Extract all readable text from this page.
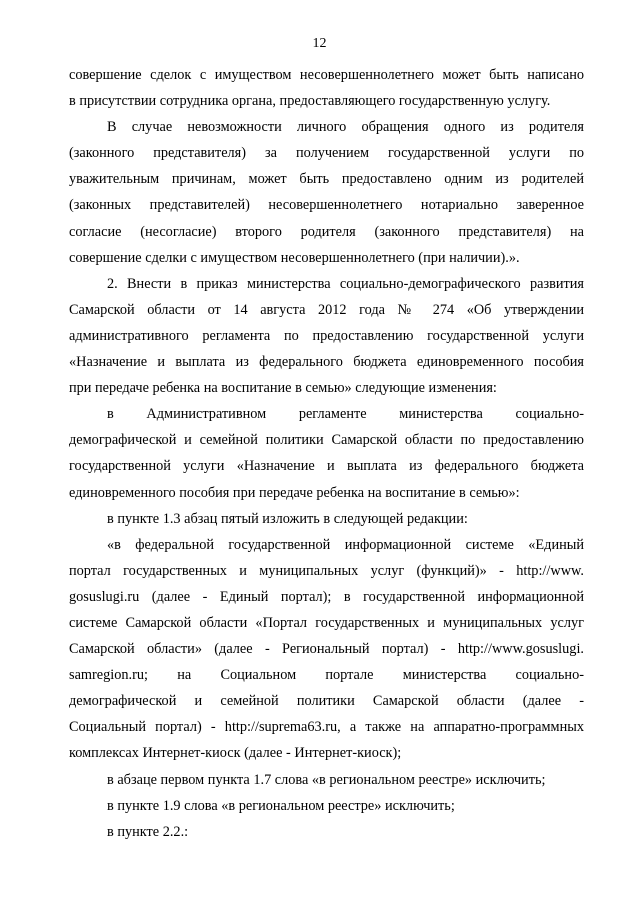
12
совершение сделок с имуществом несовершеннолетнего может быть написано
в присутствии сотрудника органа, предоставляющего государственную услугу.
В случае невозможности личного обращения одного из родителя
(законного представителя) за получением государственной услуги по
уважительным причинам, может быть предоставлено одним из родителей
(законных представителей) несовершеннолетнего нотариально заверенное
согласие (несогласие) второго родителя (законного представителя) на
совершение сделки с имуществом несовершеннолетнего (при наличии).».
2. Внести в приказ министерства социально-демографического развития
Самарской области от 14 августа 2012 года № 274 «Об утверждении
административного регламента по предоставлению государственной услуги
«Назначение и выплата из федерального бюджета единовременного пособия
при передаче ребенка на воспитание в семью» следующие изменения:
в Административном регламенте министерства социально-
демографической и семейной политики Самарской области по предоставлению
государственной услуги «Назначение и выплата из федерального бюджета
единовременного пособия при передаче ребенка на воспитание в семью»:
в пункте 1.3 абзац пятый изложить в следующей редакции:
«в федеральной государственной информационной системе «Единый
портал государственных и муниципальных услуг (функций)» - http://www.
gosuslugi.ru (далее - Единый портал); в государственной информационной
системе Самарской области «Портал государственных и муниципальных услуг
Самарской области» (далее - Региональный портал) - http://www.gosuslugi.
samregion.ru; на Социальном портале министерства социально-
демографической и семейной политики Самарской области (далее -
Социальный портал) - http://suprema63.ru, а также на аппаратно-программных
комплексах Интернет-киоск (далее - Интернет-киоск);
в абзаце первом пункта 1.7 слова «в региональном реестре» исключить;
в пункте 1.9 слова «в региональном реестре» исключить;
в пункте 2.2.:
